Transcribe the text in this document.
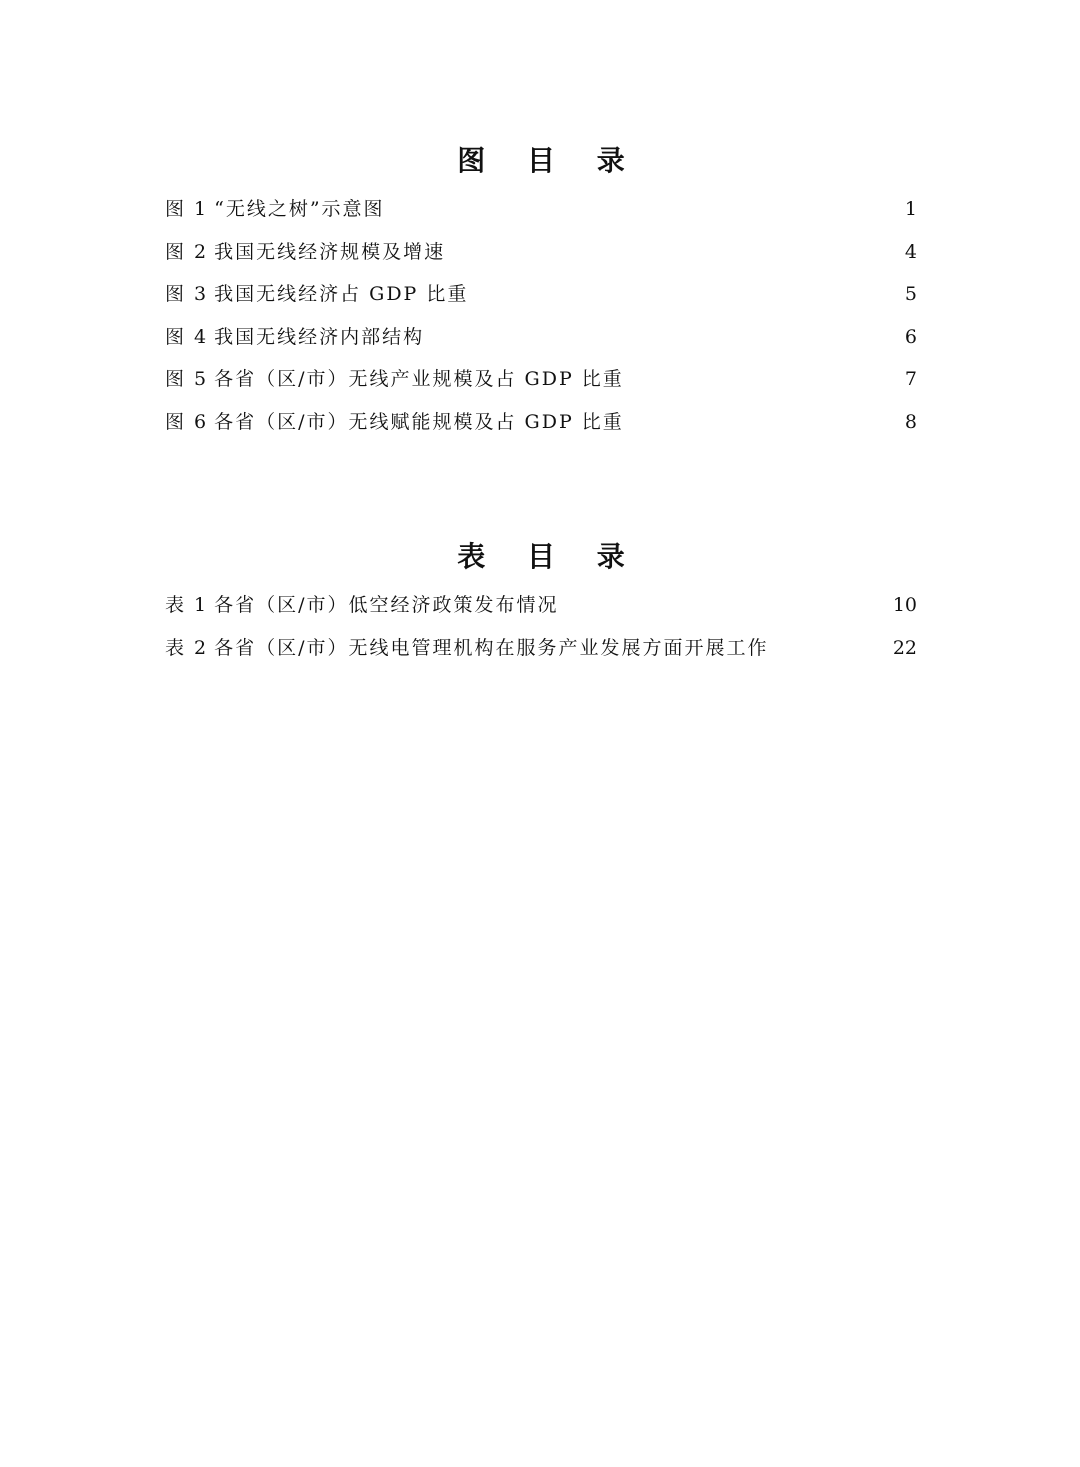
图 目 录
图 1 “无线之树”示意图 .....	1
图 2 我国无线经济规模及增速 .....	4
图 3 我国无线经济占 GDP 比重 .....	5
图 4 我国无线经济内部结构 .....	6
图 5 各省（区/市）无线产业规模及占 GDP 比重 .....	7
图 6 各省（区/市）无线赋能规模及占 GDP 比重 .....	8
表 目 录
表 1 各省（区/市）低空经济政策发布情况 .....	10
表 2 各省（区/市）无线电管理机构在服务产业发展方面开展工作 .....	22
